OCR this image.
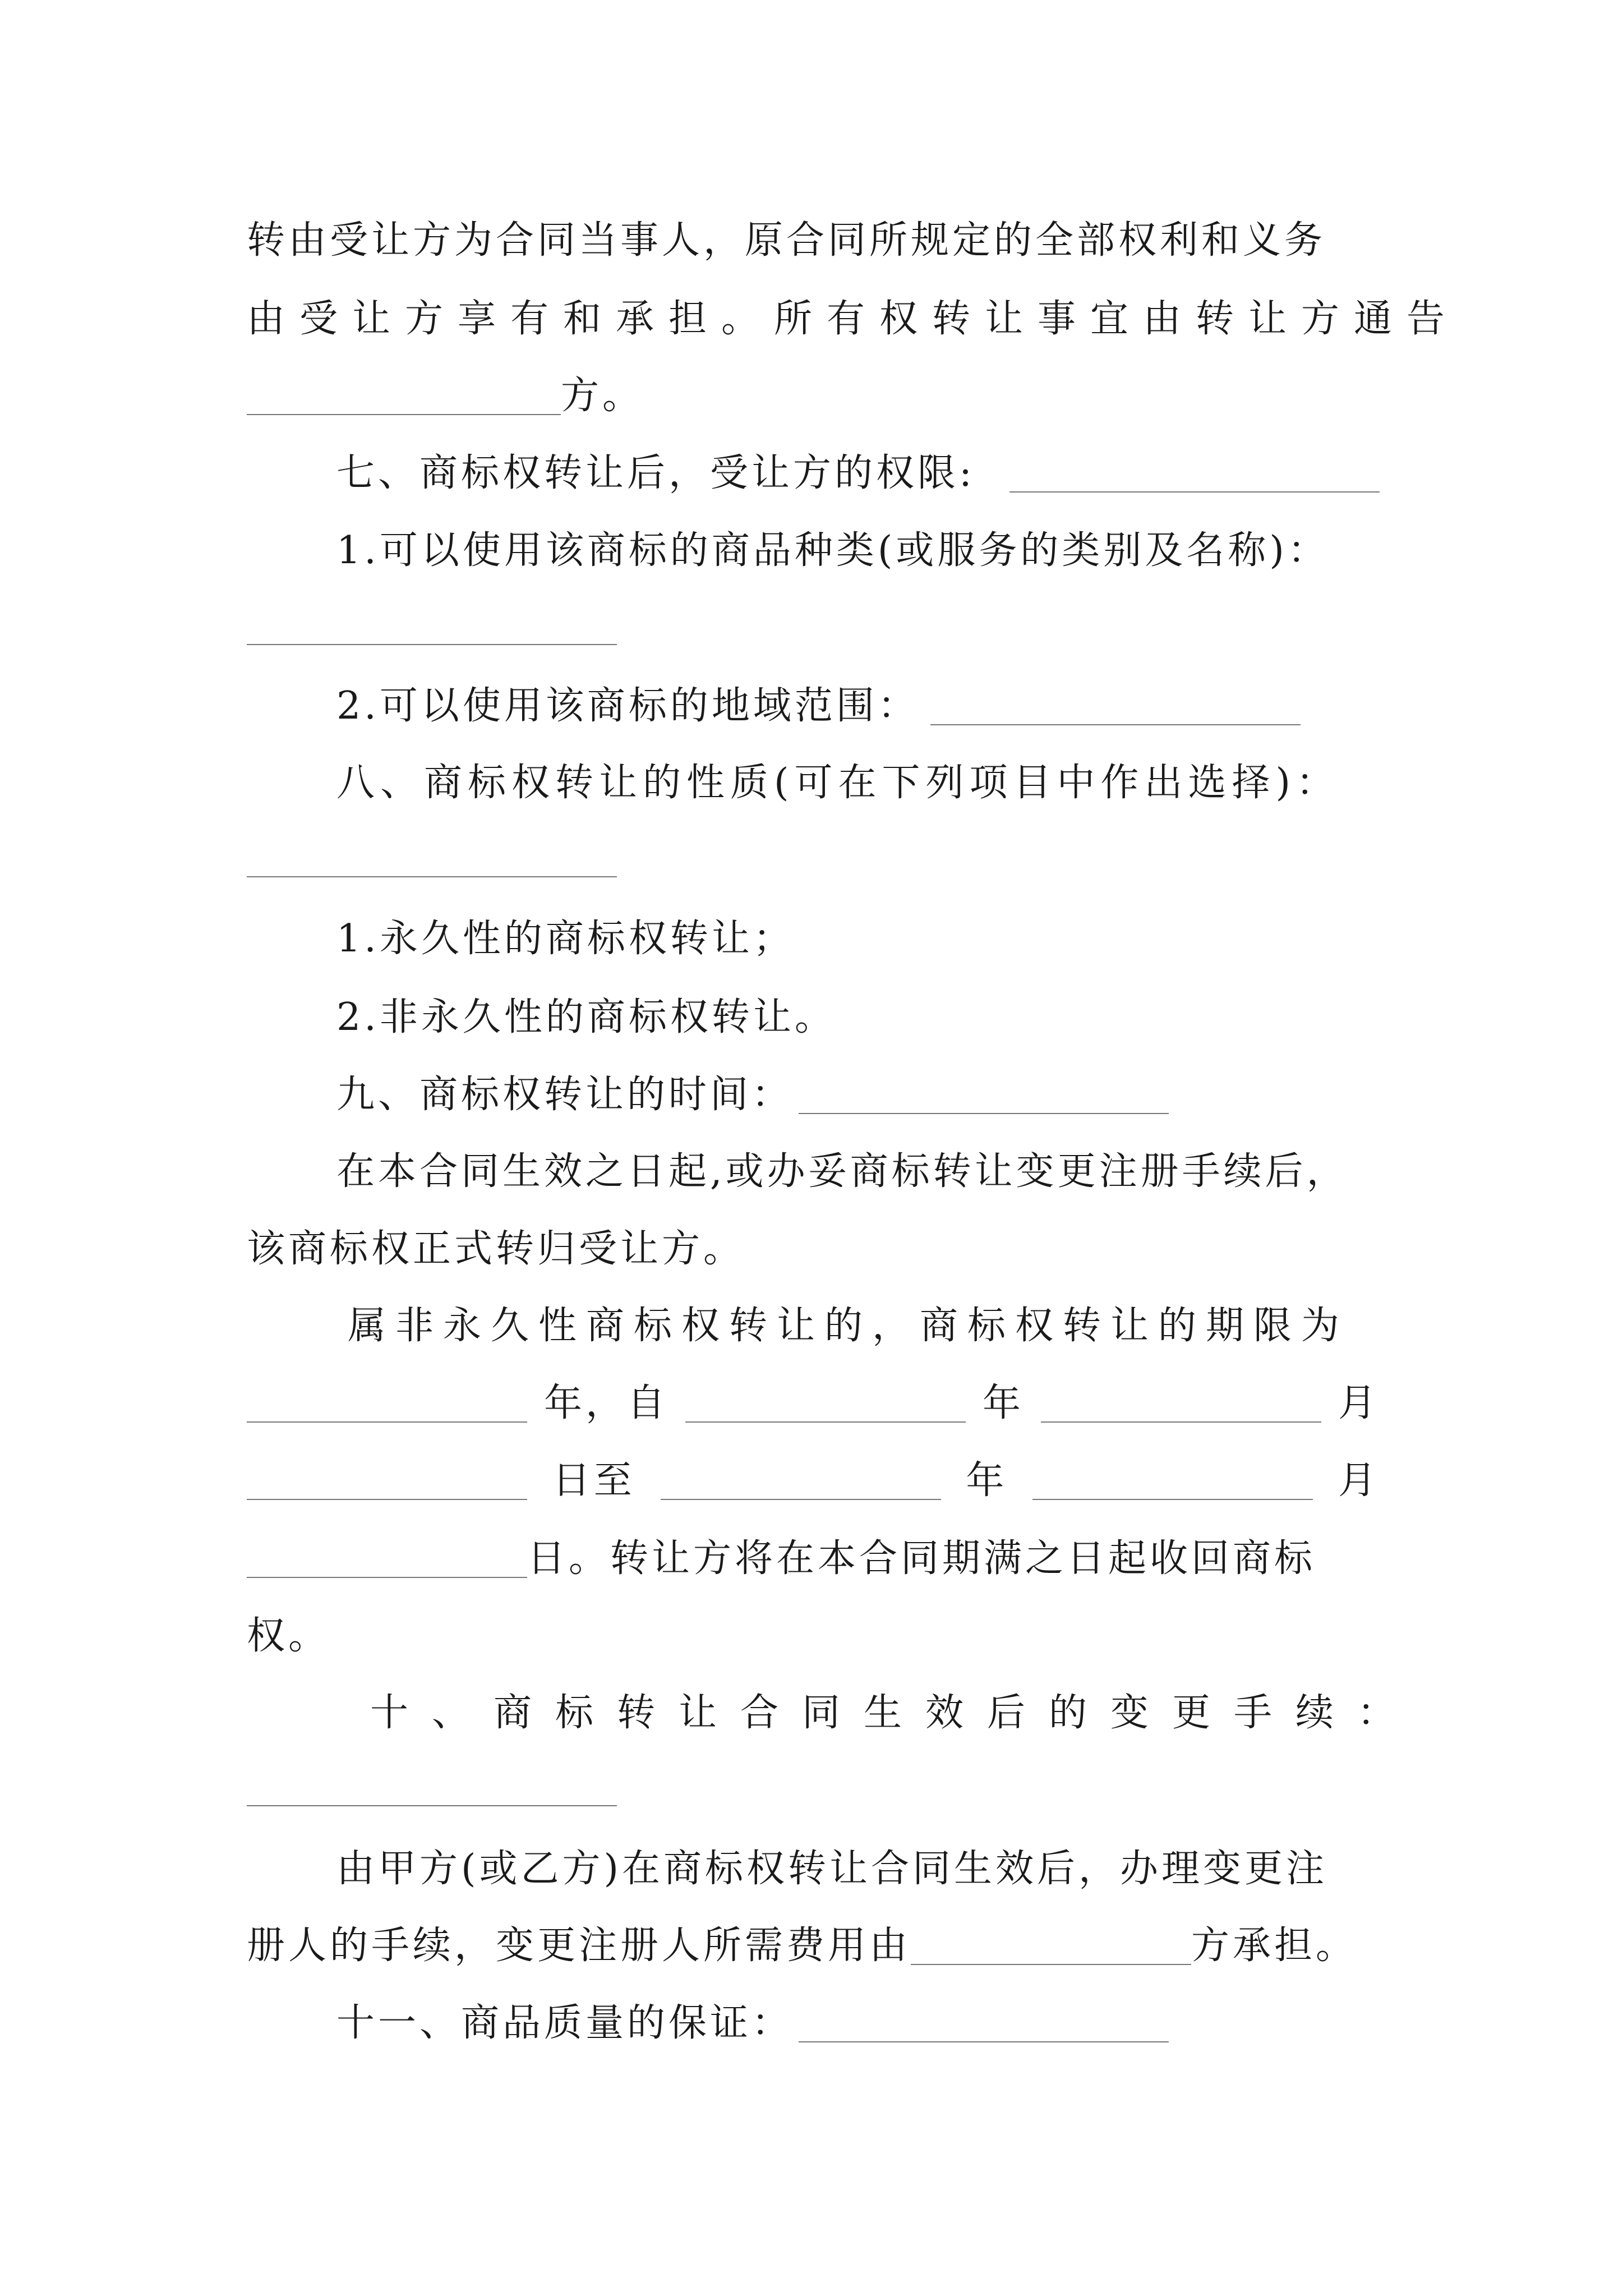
转由受让方为合同当事人，原合同所规定的全部权利和义务
由受让方享有和承担。所有权转让事宜由转让方通告
方。
七、商标权转让后，受让方的权限:
1.可以使用该商标的商品种类(或服务的类别及名称)：
2.可以使用该商标的地域范围：
八、商标权转让的性质(可在下列项目中作出选择)：
1.永久性的商标权转让；
2.非永久性的商标权转让。
九、商标权转让的时间：
在本合同生效之日起,或办妥商标转让变更注册手续后，
该商标权正式转归受让方。
属非永久性商标权转让的，商标权转让的期限为
年，自	年	月
日至	年	月
日。转让方将在本合同期满之日起收回商标
权。
十、商标转让合同生效后的变更手续：
由甲方(或乙方)在商标权转让合同生效后，办理变更注
册人的手续，变更注册人所需费用由	方承担。
十一、商品质量的保证：
